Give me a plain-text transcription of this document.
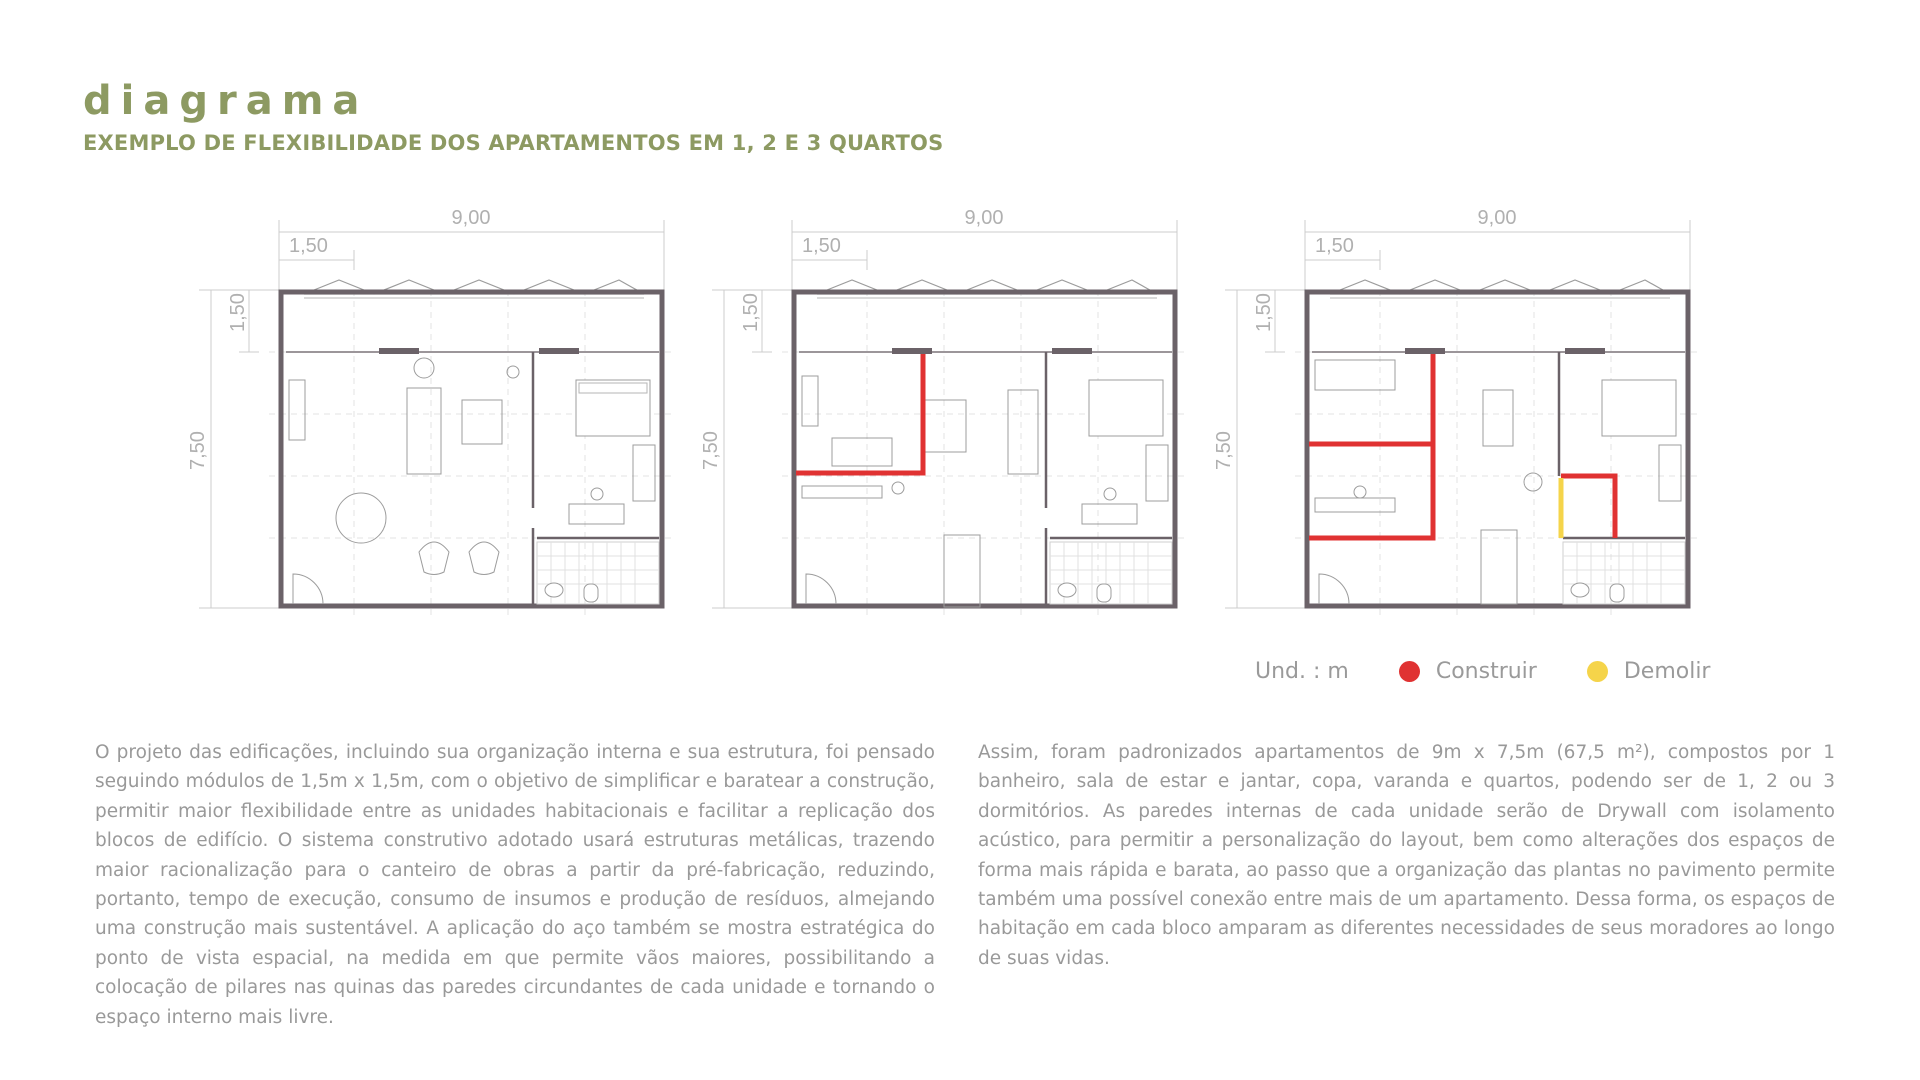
diagrama
EXEMPLO DE FLEXIBILIDADE DOS APARTAMENTOS EM 1, 2 E 3 QUARTOS
9,00
1,50
1,50
7,50
9,00
1,50
1,50
7,50
9,00
1,50
1,50
7,50
Und. : m	Construir	Demolir

O projeto das edificações, incluindo sua organização interna e sua estrutura, foi pensado seguindo módulos de 1,5m x 1,5m, com o objetivo de simplificar e baratear a construção, permitir maior flexibilidade entre as unidades habitacionais e facilitar a replicação dos blocos de edifício. O sistema construtivo adotado usará estruturas metálicas, trazendo maior racionalização para o canteiro de obras a partir da pré-fabricação, reduzindo, portanto, tempo de execução, consumo de insumos e produção de resíduos, almejando uma construção mais sustentável. A aplicação do aço também se mostra estratégica do ponto de vista espacial, na medida em que permite vãos maiores, possibilitando a colocação de pilares nas quinas das paredes circundantes de cada unidade e tornando o espaço interno mais livre.

Assim, foram padronizados apartamentos de 9m x 7,5m (67,5 m²), compostos por 1 banheiro, sala de estar e jantar, copa, varanda e quartos, podendo ser de 1, 2 ou 3 dormitórios. As paredes internas de cada unidade serão de Drywall com isolamento acústico, para permitir a personalização do layout, bem como alterações dos espaços de forma mais rápida e barata, ao passo que a organização das plantas no pavimento permite também uma possível conexão entre mais de um apartamento. Dessa forma, os espaços de habitação em cada bloco amparam as diferentes necessidades de seus moradores ao longo de suas vidas.
